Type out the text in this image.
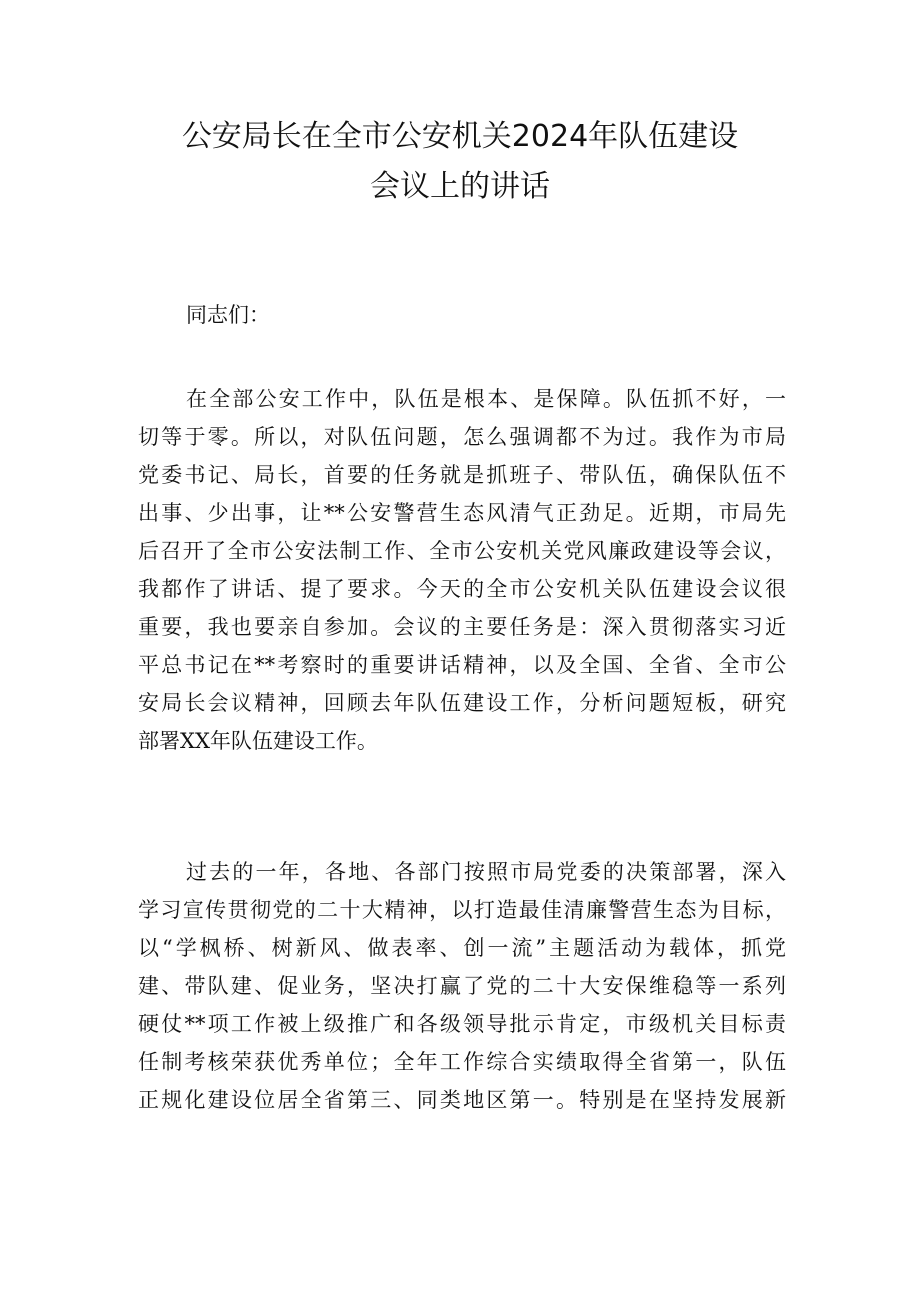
公安局长在全市公安机关2024年队伍建设
会议上的讲话

同志们：

在全部公安工作中，队伍是根本、是保障。队伍抓不好，一
切等于零。所以，对队伍问题，怎么强调都不为过。我作为市局
党委书记、局长，首要的任务就是抓班子、带队伍，确保队伍不
出事、少出事，让**公安警营生态风清气正劲足。近期，市局先
后召开了全市公安法制工作、全市公安机关党风廉政建设等会议，
我都作了讲话、提了要求。今天的全市公安机关队伍建设会议很
重要，我也要亲自参加。会议的主要任务是：深入贯彻落实习近
平总书记在**考察时的重要讲话精神，以及全国、全省、全市公
安局长会议精神，回顾去年队伍建设工作，分析问题短板，研究
部署XX年队伍建设工作。

过去的一年，各地、各部门按照市局党委的决策部署，深入
学习宣传贯彻党的二十大精神，以打造最佳清廉警营生态为目标，
以“学枫桥、树新风、做表率、创一流”主题活动为载体，抓党
建、带队建、促业务，坚决打赢了党的二十大安保维稳等一系列
硬仗**项工作被上级推广和各级领导批示肯定，市级机关目标责
任制考核荣获优秀单位；全年工作综合实绩取得全省第一，队伍
正规化建设位居全省第三、同类地区第一。特别是在坚持发展新
